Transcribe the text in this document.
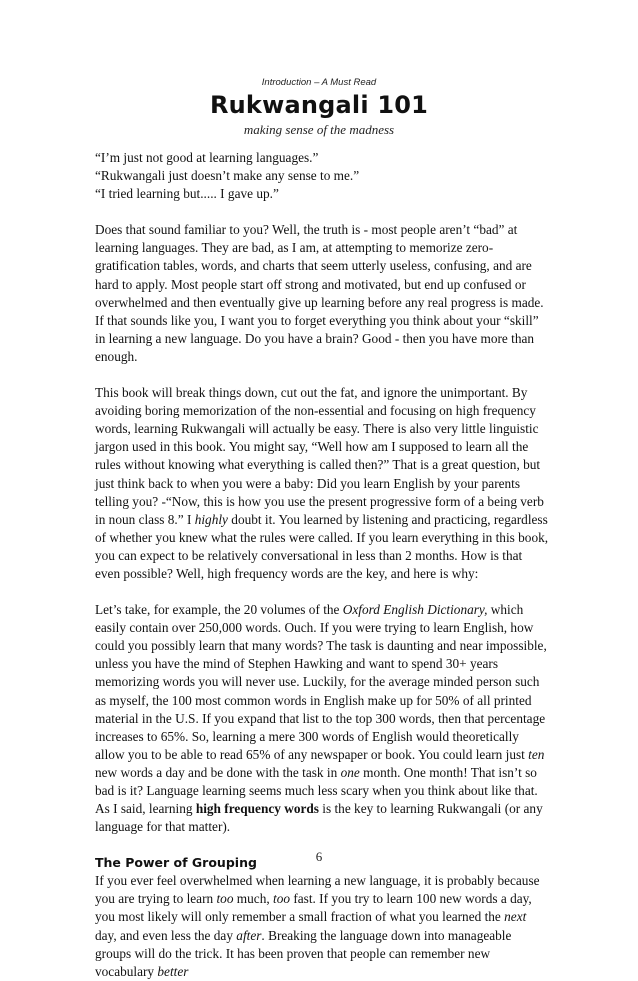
Introduction – A Must Read
Rukwangali 101
making sense of the madness

“I’m just not good at learning languages.”
“Rukwangali just doesn’t make any sense to me.”
“I tried learning but..... I gave up.”

Does that sound familiar to you? Well, the truth is - most people aren’t “bad” at learning languages. They are bad, as I am, at attempting to memorize zero-gratification tables, words, and charts that seem utterly useless, confusing, and are hard to apply. Most people start off strong and motivated, but end up confused or overwhelmed and then eventually give up learning before any real progress is made. If that sounds like you, I want you to forget everything you think about your “skill” in learning a new language. Do you have a brain? Good - then you have more than enough.

This book will break things down, cut out the fat, and ignore the unimportant. By avoiding boring memorization of the non-essential and focusing on high frequency words, learning Rukwangali will actually be easy. There is also very little linguistic jargon used in this book. You might say, “Well how am I supposed to learn all the rules without knowing what everything is called then?” That is a great question, but just think back to when you were a baby: Did you learn English by your parents telling you? -“Now, this is how you use the present progressive form of a being verb in noun class 8.” I highly doubt it. You learned by listening and practicing, regardless of whether you knew what the rules were called. If you learn everything in this book, you can expect to be relatively conversational in less than 2 months. How is that even possible? Well, high frequency words are the key, and here is why:

Let’s take, for example, the 20 volumes of the Oxford English Dictionary, which easily contain over 250,000 words. Ouch. If you were trying to learn English, how could you possibly learn that many words? The task is daunting and near impossible, unless you have the mind of Stephen Hawking and want to spend 30+ years memorizing words you will never use. Luckily, for the average minded person such as myself, the 100 most common words in English make up for 50% of all printed material in the U.S. If you expand that list to the top 300 words, then that percentage increases to 65%. So, learning a mere 300 words of English would theoretically allow you to be able to read 65% of any newspaper or book. You could learn just ten new words a day and be done with the task in one month. One month! That isn’t so bad is it? Language learning seems much less scary when you think about like that. As I said, learning high frequency words is the key to learning Rukwangali (or any language for that matter).

The Power of Grouping

If you ever feel overwhelmed when learning a new language, it is probably because you are trying to learn too much, too fast. If you try to learn 100 new words a day, you most likely will only remember a small fraction of what you learned the next day, and even less the day after. Breaking the language down into manageable groups will do the trick. It has been proven that people can remember new vocabulary better

6
